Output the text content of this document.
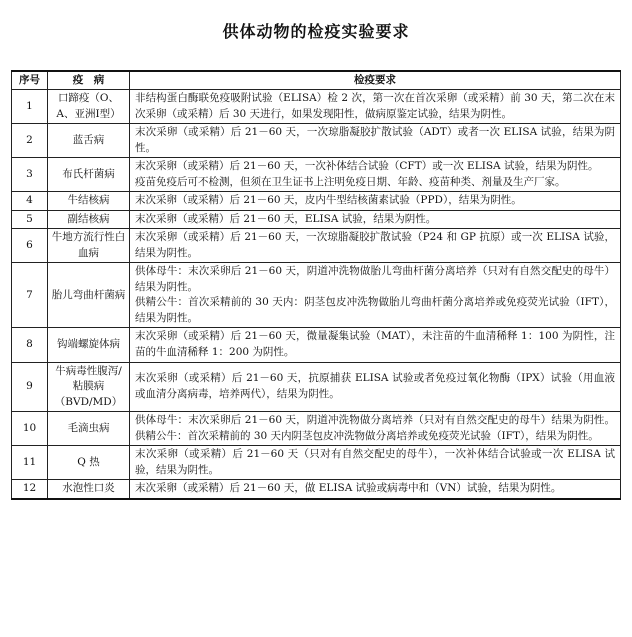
供体动物的检疫实验要求
序号	疫　病	检疫要求
1	口蹄疫（O、A、亚洲Ⅰ型）	非结构蛋白酶联免疫吸附试验（ELISA）检 2 次，第一次在首次采卵（或采精）前 30 天，第二次在末次采卵（或采精）后 30 天进行，如果发现阳性，做病原鉴定试验，结果为阴性。
2	蓝舌病	末次采卵（或采精）后 21－60 天，一次琼脂凝胶扩散试验（ADT）或者一次 ELISA 试验，结果为阴性。
3	布氏杆菌病	末次采卵（或采精）后 21－60 天，一次补体结合试验（CFT）或一次 ELISA 试验，结果为阴性。
疫苗免疫后可不检测，但须在卫生证书上注明免疫日期、年龄、疫苗种类、剂量及生产厂家。
4	牛结核病	末次采卵（或采精）后 21－60 天，皮内牛型结核菌素试验（PPD），结果为阴性。
5	副结核病	末次采卵（或采精）后 21－60 天，ELISA 试验，结果为阴性。
6	牛地方流行性白血病	末次采卵（或采精）后 21－60 天，一次琼脂凝胶扩散试验（P24 和 GP 抗原）或一次 ELISA 试验，结果为阴性。
7	胎儿弯曲杆菌病	供体母牛：末次采卵后 21－60 天，阴道冲洗物做胎儿弯曲杆菌分离培养（只对有自然交配史的母牛）结果为阴性。
供精公牛：首次采精前的 30 天内：阴茎包皮冲洗物做胎儿弯曲杆菌分离培养或免疫荧光试验（IFT），结果为阴性。
8	钩端螺旋体病	末次采卵（或采精）后 21－60 天，微量凝集试验（MAT），未注苗的牛血清稀释 1：100 为阴性，注苗的牛血清稀释 1：200 为阴性。
9	牛病毒性腹泻/粘膜病（BVD/MD）	末次采卵（或采精）后 21－60 天，抗原捕获 ELISA 试验或者免疫过氧化物酶（IPX）试验（用血液或血清分离病毒，培养两代），结果为阴性。
10	毛滴虫病	供体母牛：末次采卵后 21－60 天，阴道冲洗物做分离培养（只对有自然交配史的母牛）结果为阴性。供精公牛：首次采精前的 30 天内阴茎包皮冲洗物做分离培养或免疫荧光试验（IFT），结果为阴性。
11	Q 热	末次采卵（或采精）后 21－60 天（只对有自然交配史的母牛），一次补体结合试验或一次 ELISA 试验，结果为阴性。
12	水泡性口炎	末次采卵（或采精）后 21－60 天，做 ELISA 试验或病毒中和（VN）试验，结果为阴性。
